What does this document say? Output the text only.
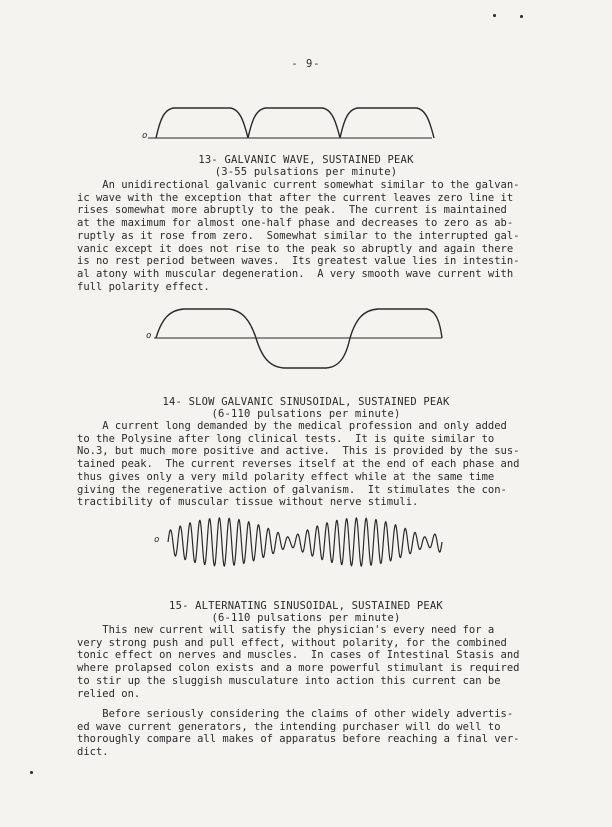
- 9-
o
13- GALVANIC WAVE, SUSTAINED PEAK
(3-55 pulsations per minute)
An unidirectional galvanic current somewhat similar to the galvan-
ic wave with the exception that after the current leaves zero line it
rises somewhat more abruptly to the peak.  The current is maintained
at the maximum for almost one-half phase and decreases to zero as ab-
ruptly as it rose from zero.  Somewhat similar to the interrupted gal-
vanic except it does not rise to the peak so abruptly and again there
is no rest period between waves.  Its greatest value lies in intestin-
al atony with muscular degeneration.  A very smooth wave current with
full polarity effect.
o
14- SLOW GALVANIC SINUSOIDAL, SUSTAINED PEAK
(6-110 pulsations per minute)
A current long demanded by the medical profession and only added
to the Polysine after long clinical tests.  It is quite similar to
No.3, but much more positive and active.  This is provided by the sus-
tained peak.  The current reverses itself at the end of each phase and
thus gives only a very mild polarity effect while at the same time
giving the regenerative action of galvanism.  It stimulates the con-
tractibility of muscular tissue without nerve stimuli.
o
15- ALTERNATING SINUSOIDAL, SUSTAINED PEAK
(6-110 pulsations per minute)
This new current will satisfy the physician's every need for a
very strong push and pull effect, without polarity, for the combined
tonic effect on nerves and muscles.  In cases of Intestinal Stasis and
where prolapsed colon exists and a more powerful stimulant is required
to stir up the sluggish musculature into action this current can be
relied on.
Before seriously considering the claims of other widely advertis-
ed wave current generators, the intending purchaser will do well to
thoroughly compare all makes of apparatus before reaching a final ver-
dict.
